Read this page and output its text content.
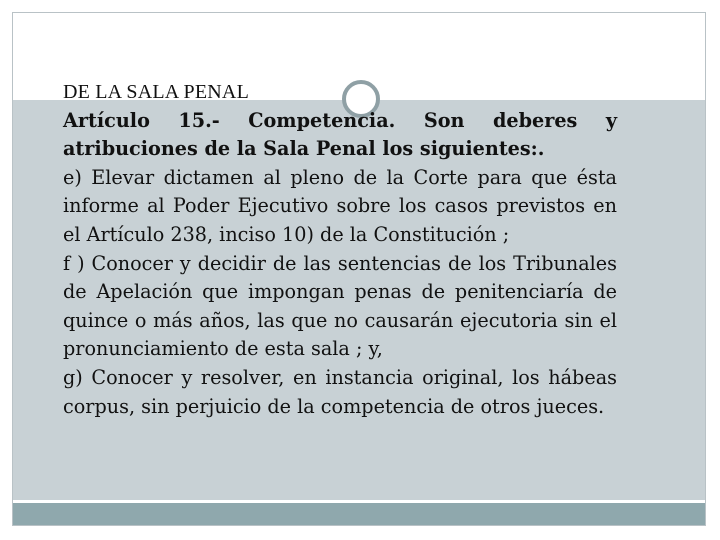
DE LA SALA PENAL

Artículo 15.- Competencia. Son deberes y atribuciones de la Sala Penal los siguientes:.

e) Elevar dictamen al pleno de la Corte para que ésta informe al Poder Ejecutivo sobre los casos previstos en el Artículo 238, inciso 10) de la Constitución ;

f ) Conocer y decidir de las sentencias de los Tribunales de Apelación que impongan penas de penitenciaría de quince o más años, las que no causarán ejecutoria sin el pronunciamiento de esta sala ; y,

g) Conocer y resolver, en instancia original, los hábeas corpus, sin perjuicio de la competencia de otros jueces.
